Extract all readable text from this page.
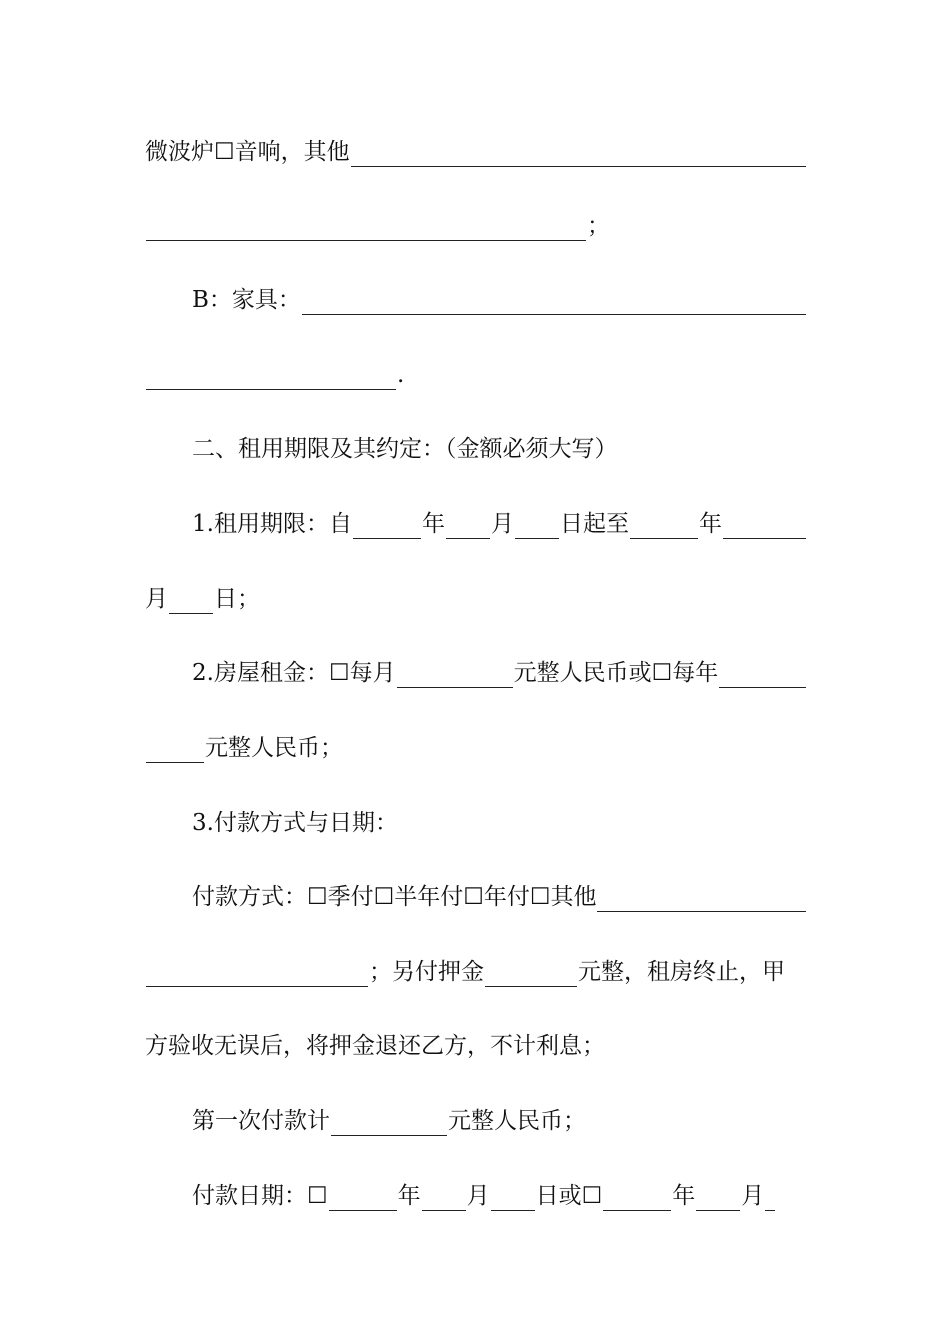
微波炉☐音响，其他
；
B：家具：
.
二、租用期限及其约定：（金额必须大写）
1.租用期限：自	年 月 日起至	年
月 日；
2.房屋租金：☐每月	元整人民币或☐每年
元整人民币；
3.付款方式与日期：
付款方式：☐季付☐半年付☐年付☐其他
；另付押金	元整，租房终止，甲
方验收无误后，将押金退还乙方，不计利息；
第一次付款计	元整人民币；
付款日期：☐	年 月 日或☐	年 月
